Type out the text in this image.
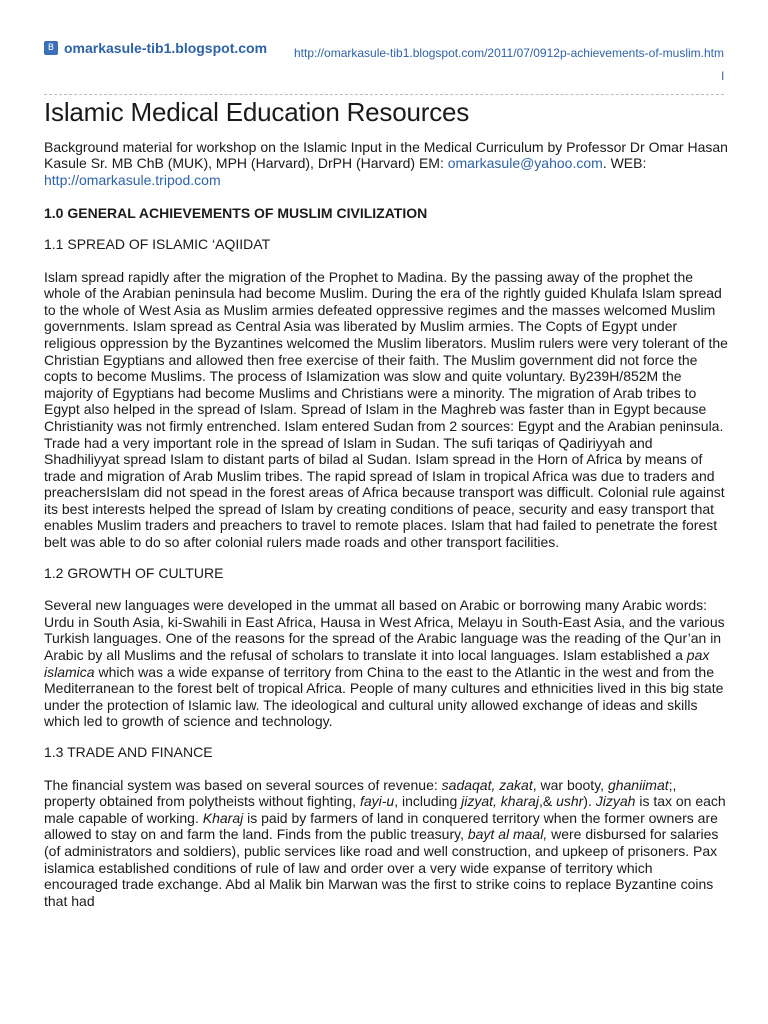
B omarkasule-tib1.blogspot.com http://omarkasule-tib1.blogspot.com/2011/07/0912p-achievements-of-muslim.html
Islamic Medical Education Resources

Background material for workshop on the Islamic Input in the Medical Curriculum by Professor Dr Omar Hasan Kasule Sr. MB ChB (MUK), MPH (Harvard), DrPH (Harvard) EM: omarkasule@yahoo.com. WEB: http://omarkasule.tripod.com

1.0 GENERAL ACHIEVEMENTS OF MUSLIM CIVILIZATION
1.1 SPREAD OF ISLAMIC ‘AQIIDAT

Islam spread rapidly after the migration of the Prophet to Madina. By the passing away of the prophet the whole of the Arabian peninsula had become Muslim. During the era of the rightly guided Khulafa Islam spread to the whole of West Asia as Muslim armies defeated oppressive regimes and the masses welcomed Muslim governments. Islam spread as Central Asia was liberated by Muslim armies. The Copts of Egypt under religious oppression by the Byzantines welcomed the Muslim liberators. Muslim rulers were very tolerant of the Christian Egyptians and allowed then free exercise of their faith. The Muslim government did not force the copts to become Muslims. The process of Islamization was slow and quite voluntary. By239H/852M the majority of Egyptians had become Muslims and Christians were a minority. The migration of Arab tribes to Egypt also helped in the spread of Islam. Spread of Islam in the Maghreb was faster than in Egypt because Christianity was not firmly entrenched. Islam entered Sudan from 2 sources: Egypt and the Arabian peninsula. Trade had a very important role in the spread of Islam in Sudan. The sufi tariqas of Qadiriyyah and Shadhiliyyat spread Islam to distant parts of bilad al Sudan. Islam spread in the Horn of Africa by means of trade and migration of Arab Muslim tribes. The rapid spread of Islam in tropical Africa was due to traders and preachersIslam did not spead in the forest areas of Africa because transport was difficult. Colonial rule against its best interests helped the spread of Islam by creating conditions of peace, security and easy transport that enables Muslim traders and preachers to travel to remote places. Islam that had failed to penetrate the forest belt was able to do so after colonial rulers made roads and other transport facilities.

1.2 GROWTH OF CULTURE

Several new languages were developed in the ummat all based on Arabic or borrowing many Arabic words: Urdu in South Asia, ki-Swahili in East Africa, Hausa in West Africa, Melayu in South-East Asia, and the various Turkish languages. One of the reasons for the spread of the Arabic language was the reading of the Qur’an in Arabic by all Muslims and the refusal of scholars to translate it into local languages. Islam established a pax islamica which was a wide expanse of territory from China to the east to the Atlantic in the west and from the Mediterranean to the forest belt of tropical Africa. People of many cultures and ethnicities lived in this big state under the protection of Islamic law. The ideological and cultural unity allowed exchange of ideas and skills which led to growth of science and technology.

1.3 TRADE AND FINANCE

The financial system was based on several sources of revenue: sadaqat, zakat, war booty, ghaniimat;, property obtained from polytheists without fighting, fayi-u, including jizyat, kharaj,& ushr). Jizyah is tax on each male capable of working. Kharaj is paid by farmers of land in conquered territory when the former owners are allowed to stay on and farm the land. Finds from the public treasury, bayt al maal, were disbursed for salaries (of administrators and soldiers), public services like road and well construction, and upkeep of prisoners. Pax islamica established conditions of rule of law and order over a very wide expanse of territory which encouraged trade exchange. Abd al Malik bin Marwan was the first to strike coins to replace Byzantine coins that had
